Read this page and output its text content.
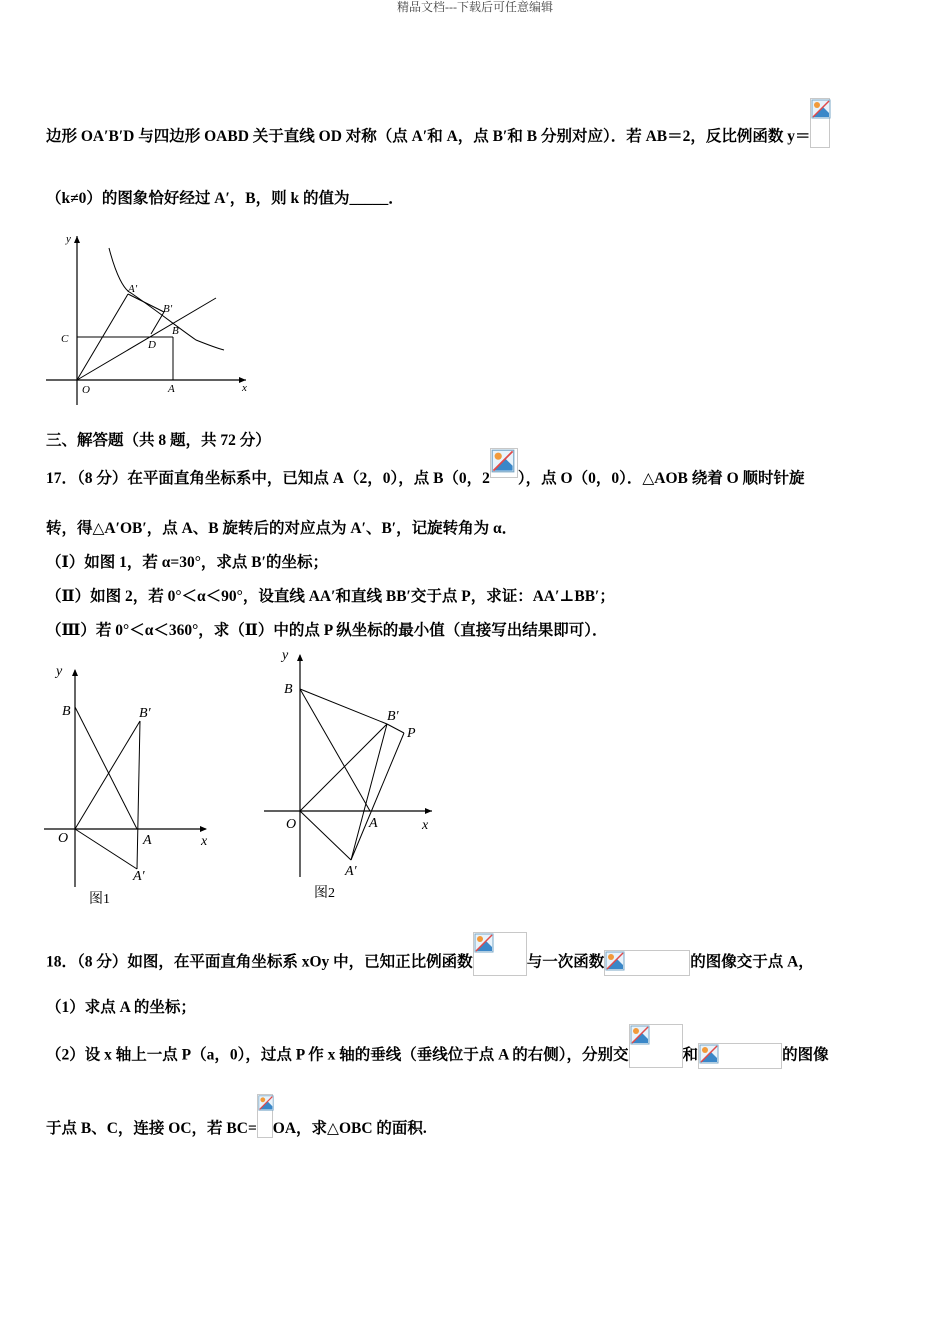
精品文档---下载后可任意编辑
边形 OA′B′D 与四边形 OABD 关于直线 OD 对称（点 A′和 A，点 B′和 B 分别对应）．若 AB＝2，反比例函数 y＝
（k≠0）的图象恰好经过 A′，B，则 k 的值为_____．
y
x
O
C
A
D
B
A′
B′
三、解答题（共 8 题，共 72 分）
17．（8 分）在平面直角坐标系中，已知点 A（2，0），点 B（0，2 ），点 O（0，0）．△AOB 绕着 O 顺时针旋
转，得△A′OB′，点 A、B 旋转后的对应点为 A′、B′，记旋转角为 α．
（Ⅰ）如图 1，若 α=30°，求点 B′的坐标；
（Ⅱ）如图 2，若 0°＜α＜90°，设直线 AA′和直线 BB′交于点 P，求证：AA′⊥BB′；
（Ⅲ）若 0°＜α＜360°，求（Ⅱ）中的点 P 纵坐标的最小值（直接写出结果即可）．
y
x
O	A
B
A′
B′
图1
y
x
O	A
B
A′
B′
P
图2
18．（8 分）如图，在平面直角坐标系 xOy 中，已知正比例函数	与一次函数	的图像交于点 A，
（1）求点 A 的坐标；
（2）设 x 轴上一点 P（a，0），过点 P 作 x 轴的垂线（垂线位于点 A 的右侧），分别交	和	的图像
于点 B、C，连接 OC，若 BC= OA，求△OBC 的面积.
